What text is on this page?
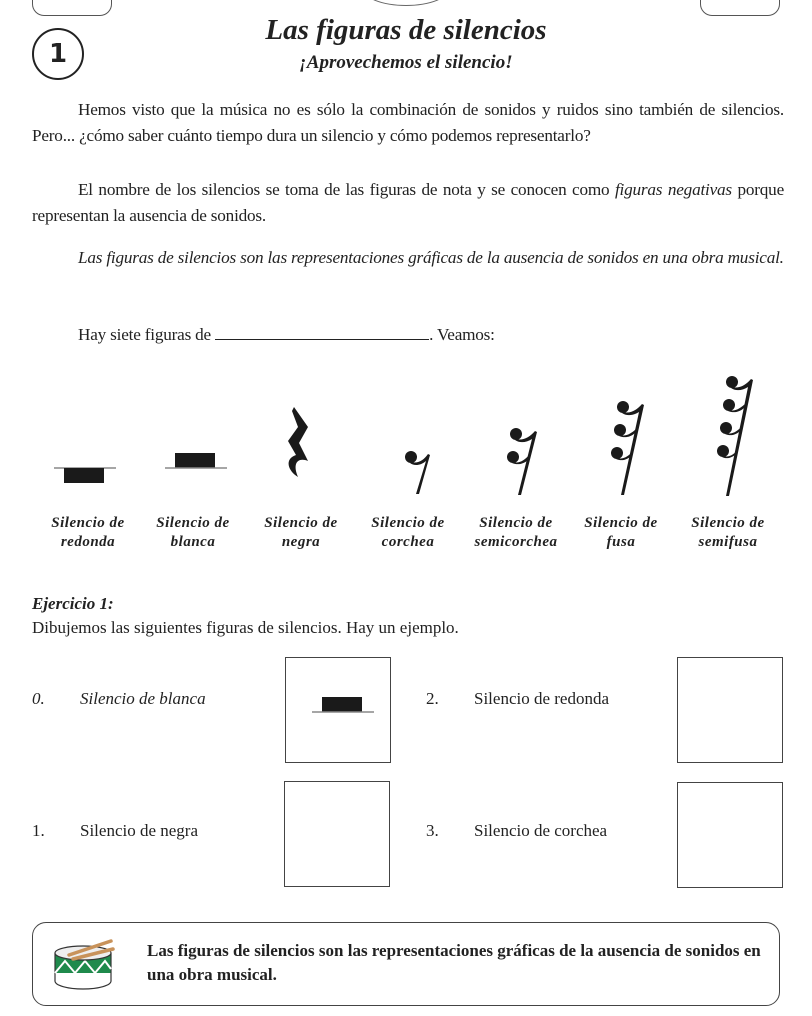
1
Las figuras de silencios
¡Aprovechemos el silencio!
Hemos visto que la música no es sólo la combinación de sonidos y ruidos sino también de silencios. Pero... ¿cómo saber cuánto tiempo dura un silencio y cómo podemos representarlo?
El nombre de los silencios se toma de las figuras de nota y se conocen como figuras negativas porque representan la ausencia de sonidos.
Las figuras de silencios son las representaciones gráficas de la ausencia de sonidos en una obra musical.
Hay siete figuras de	. Veamos:
Silencio de
redonda
Silencio de
blanca
Silencio de
negra
Silencio de
corchea
Silencio de
semicorchea
Silencio de
fusa
Silencio de
semifusa
Ejercicio 1:
Dibujemos las siguientes figuras de silencios. Hay un ejemplo.
0. Silencio de blanca
1. Silencio de negra
2. Silencio de redonda
3. Silencio de corchea
Las figuras de silencios son las representaciones gráficas de la ausencia de sonidos en una obra musical.
